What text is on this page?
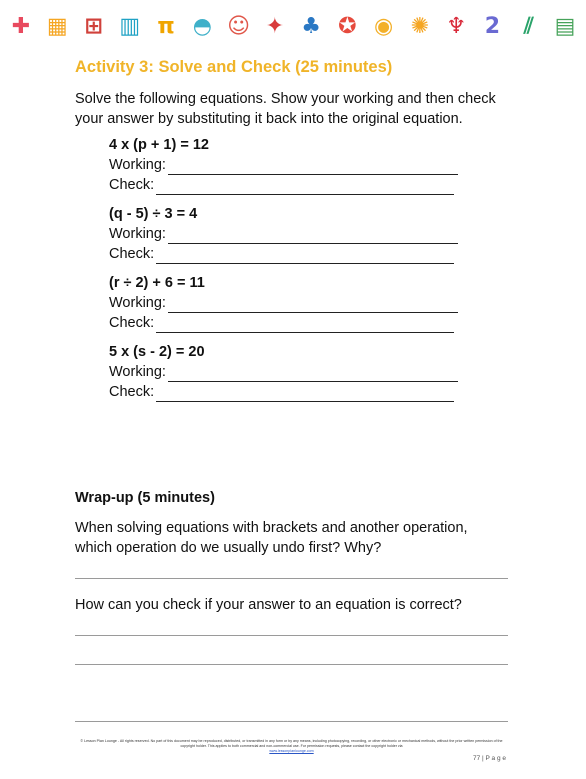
✚ ▦ ⊞ ▥ π ◓ ☺ ✦ ♣ ✪ ◉ ✺ ♆ 2	⫽ ▤
Activity 3: Solve and Check (25 minutes)

Solve the following equations. Show your working and then check your answer by substituting it back into the original equation.

4 x (p + 1) = 12
Working:
Check:
(q - 5) ÷ 3 = 4
Working:
Check:
(r ÷ 2) + 6 = 11
Working:
Check:
5 x (s - 2) = 20
Working:
Check:
Wrap-up (5 minutes)

When solving equations with brackets and another operation, which operation do we usually undo first? Why?

How can you check if your answer to an equation is correct?

© Lesson Plan Lounge - All rights reserved. No part of this document may be reproduced, distributed, or transmitted in any form or by any means, including photocopying, recording, or other electronic or mechanical methods, without the prior written permission of the copyright holder. This applies to both commercial and non-commercial use. For permission requests, please contact the copyright holder via
www.lessonplanlounge.com
77 | P a g e
